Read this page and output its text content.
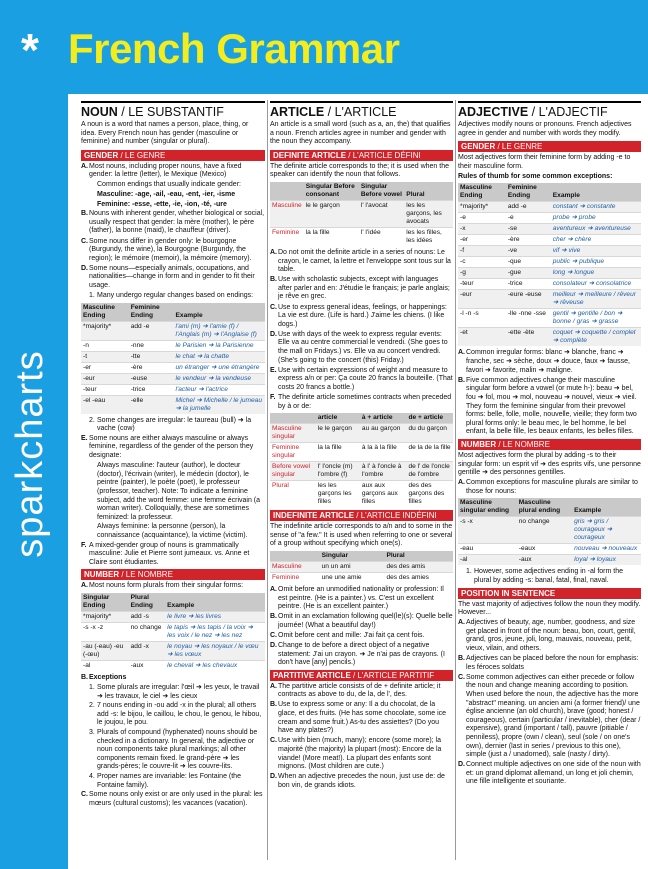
* French Grammar
sparkcharts
NOUN / LE SUBSTANTIF
A noun is a word that names a person, place, thing, or idea. Every French noun has gender (masculine or feminine) and number (singular or plural).
GENDER / LE GENRE
A. Most nouns, including proper nouns, have a fixed gender: la lettre (letter), le Mexique (Mexico)
Common endings that usually indicate gender:
Masculine: -age, -ail, -eau, -ent, -ier, -isme
Feminine: -esse, -ette, -ie, -ion, -té, -ure
B. Nouns with inherent gender, whether biological or social, usually respect that gender: la mère (mother), le père (father), la bonne (maid), le chauffeur (driver).
C. Some nouns differ in gender only: le bourgogne (Burgundy, the wine), la Bourgogne (Burgundy, the region); le mémoire (memoir), la mémoire (memory).
D. Some nouns—especially animals, occupations, and nationalities—change in form and in gender to fit their usage.
1. Many undergo regular changes based on endings:
Masculine Ending	Feminine Ending	Example
*majority*	add -e	l'ami (m) ➜ l'amie (f) / l'Anglais (m) ➜ l'Anglaise (f)
-n	-nne	le Parisien ➜ la Parisienne
-t	-tte	le chat ➜ la chatte
-er	-ère	un étranger ➜ une étrangère
-eur	-euse	le vendeur ➜ la vendeuse
-teur	-trice	l'acteur ➜ l'actrice
-el -eau	-elle	Michel ➜ Michelle / le jumeau ➜ la jumelle
2. Some changes are irregular: le taureau (bull) ➜ la vache (cow)
E. Some nouns are either always masculine or always feminine, regardless of the gender of the person they designate:
Always masculine: l'auteur (author), le docteur (doctor), l'écrivain (writer), le médecin (doctor), le peintre (painter), le poète (poet), le professeur (professor, teacher). Note: To indicate a feminine subject, add the word femme: une femme écrivain (a woman writer). Colloquially, these are sometimes feminized: la professeur.
Always feminine: la personne (person), la connaissance (acquaintance), la victime (victim).
F. A mixed-gender group of nouns is grammatically masculine: Julie et Pierre sont jumeaux. vs. Anne et Claire sont étudiantes.
NUMBER / LE NOMBRE
A. Most nouns form plurals from their singular forms:
Singular Ending	Plural Ending	Example
*majority*	add -s	le livre ➜ les livres
-s -x -z	no change	le tapis ➜ les tapis / la voix ➜ les voix / le nez ➜ les nez
-au (-eau) -eu (-œu)	add -x	le noyau ➜ les noyaux / le vœu ➜ les vœux
-al	-aux	le cheval ➜ les chevaux
B. Exceptions
1. Some plurals are irregular: l'œil ➜ les yeux, le travail ➜ les travaux, le ciel ➜ les cieux
2. 7 nouns ending in -ou add -x in the plural; all others add -s: le bijou, le caillou, le chou, le genou, le hibou, le joujou, le pou.
3. Plurals of compound (hyphenated) nouns should be checked in a dictionary. In general, the adjective or noun components take plural markings; all other components remain fixed. le grand-père ➜ les grands-pères; le couvre-lit ➜ les couvre-lits.
4. Proper names are invariable: les Fontaine (the Fontaine family).
C. Some nouns only exist or are only used in the plural: les mœurs (cultural customs); les vacances (vacation).
ARTICLE / L'ARTICLE
An article is a small word (such as a, an, the) that qualifies a noun. French articles agree in number and gender with the noun they accompany.
DEFINITE ARTICLE / L'ARTICLE DÉFINI
The definite article corresponds to the; it is used when the speaker can identify the noun that follows.
	Singular Before consonant	Singular Before vowel	Plural
Masculine	le le garçon	l' l'avocat	les les garçons, les avocats
Feminine	la la fille	l' l'idée	les les filles, les idées
A. Do not omit the definite article in a series of nouns: Le crayon, le carnet, la lettre et l'enveloppe sont tous sur la table.
B. Use with scholastic subjects, except with languages after parler and en: J'étudie le français; je parle anglais; je rêve en grec.
C. Use to express general ideas, feelings, or happenings: La vie est dure. (Life is hard.) J'aime les chiens. (I like dogs.)
D. Use with days of the week to express regular events: Elle va au centre commercial le vendredi. (She goes to the mall on Fridays.) vs. Elle va au concert vendredi. (She's going to the concert (this) Friday.)
E. Use with certain expressions of weight and measure to express a/n or per: Ça coute 20 francs la bouteille. (That costs 20 francs a bottle.)
F. The definite article sometimes contracts when preceded by à or de:
	article	à + article	de + article
Masculine singular	le le garçon	au au garçon	du du garçon
Feminine singular	la la fille	à la à la fille	de la de la fille
Before vowel singular	l' l'oncle (m) l'ombre (f)	à l' à l'oncle à l'ombre	de l' de l'oncle de l'ombre
Plural	les les garçons les filles	aux aux garçons aux filles	des des garçons des filles
INDEFINITE ARTICLE / L'ARTICLE INDÉFINI
The indefinite article corresponds to a/n and to some in the sense of "a few." It is used when referring to one or several of a group without specifying which one(s).
	Singular	Plural
Masculine	un un ami	des des amis
Feminine	une une amie	des des amies
A. Omit before an unmodified nationality or profession: Il est peintre. (He is a painter.) vs. C'est un excellent peintre. (He is an excellent painter.)
B. Omit in an exclamation following quel(le)(s): Quelle belle journée! (What a beautiful day!)
C. Omit before cent and mille: J'ai fait ça cent fois.
D. Change to de before a direct object of a negative statement: J'ai un crayon. ➜ Je n'ai pas de crayons. (I don't have [any] pencils.)
PARTITIVE ARTICLE / L'ARTICLE PARTITIF
A. The partitive article consists of de + definite article; it contracts as above to du, de la, de l', des.
B. Use to express some or any: Il a du chocolat, de la glace, et des fruits. (He has some chocolate, some ice cream and some fruit.) As-tu des assiettes? (Do you have any plates?)
C. Use with bien (much, many); encore (some more); la majorité (the majority) la plupart (most): Encore de la viande! (More meat!). La plupart des enfants sont mignons. (Most children are cute.)
D. When an adjective precedes the noun, just use de: de bon vin, de grands idiots.
ADJECTIVE / L'ADJECTIF
Adjectives modify nouns or pronouns. French adjectives agree in gender and number with words they modify.
GENDER / LE GENRE
Most adjectives form their feminine form by adding -e to their masculine form.
Rules of thumb for some common exceptions:
Masculine Ending	Feminine Ending	Example
*majority*	add -e	constant ➜ constante
-e	-e	probe ➜ probe
-x	-se	aventureux ➜ aventureuse
-er	-ère	cher ➜ chère
-f	-ve	vif ➜ vive
-c	-que	public ➜ publique
-g	-gue	long ➜ longue
-teur	-trice	consolateur ➜ consolatrice
-eur	-eure -euse	meilleur ➜ meilleure / rêveur ➜ rêveuse
-l -n -s	-lle -nne -sse	gentil ➜ gentille / bon ➜ bonne / gras ➜ grasse
-et	-ette -ète	coquet ➜ coquette / complet ➜ complète
A. Common irregular forms: blanc ➜ blanche, franc ➜ franche, sec ➜ sèche, doux ➜ douce, faux ➜ fausse, favori ➜ favorite, malin ➜ maligne.
B. Five common adjectives change their masculine singular form before a vowel (or mute h-): beau ➜ bel, fou ➜ fol, mou ➜ mol, nouveau ➜ nouvel, vieux ➜ vieil. They form the feminine singular from their prevowel forms: belle, folle, molle, nouvelle, vieille; they form two plural forms only: le beau mec, le bel homme, le bel enfant, la belle fille, les beaux enfants, les belles filles.
NUMBER / LE NOMBRE
Most adjectives form the plural by adding -s to their singular form: un esprit vif ➜ des esprits vifs, une personne gentille ➜ des personnes gentilles.
A. Common exceptions for masculine plurals are similar to those for nouns:
Masculine singular ending	Masculine plural ending	Example
-s -x	no change	gris ➜ gris / courageux ➜ courageux
-eau	-eaux	nouveau ➜ nouveaux
-al	-aux	loyal ➜ loyaux
1. However, some adjectives ending in -al form the plural by adding -s: banal, fatal, final, naval.
POSITION IN SENTENCE
The vast majority of adjectives follow the noun they modify. However...
A. Adjectives of beauty, age, number, goodness, and size get placed in front of the noun: beau, bon, court, gentil, grand, gros, jeune, joli, long, mauvais, nouveau, petit, vieux, vilain, and others.
B. Adjectives can be placed before the noun for emphasis: les féroces soldats
C. Some common adjectives can either precede or follow the noun and change meaning according to position. When used before the noun, the adjective has the more "abstract" meaning. un ancien ami (a former friend)/ une église ancienne (an old church), brave (good; honest / courageous), certain (particular / inevitable), cher (dear / expensive), grand (important / tall), pauvre (pitiable / penniless), propre (own / clean), seul (sole / on one's own), dernier (last in series / previous to this one), simple (just a / unadorned), sale (nasty / dirty).
D. Connect multiple adjectives on one side of the noun with et: un grand diplomat allemand, un long et joli chemin, une fille intelligente et souriante.
